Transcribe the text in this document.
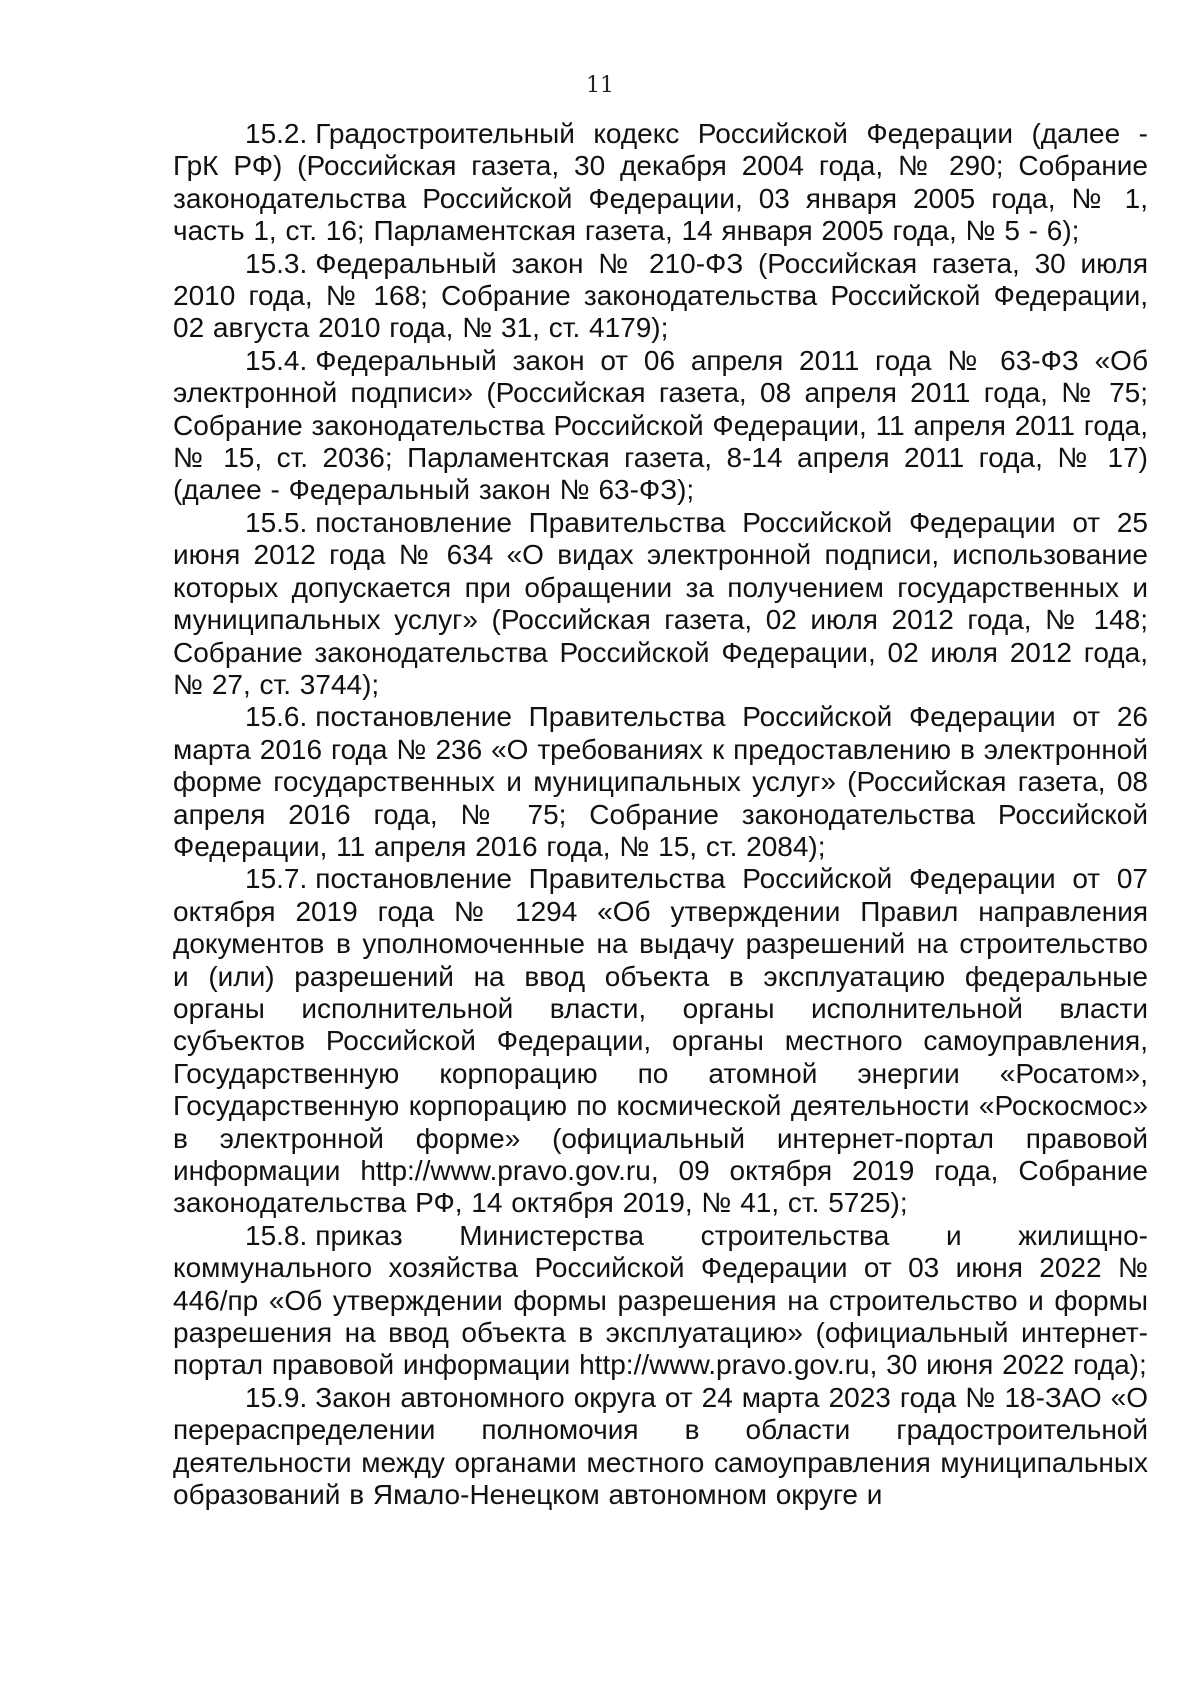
11

15.2. Градостроительный кодекс Российской Федерации (далее - ГрК РФ) (Российская газета, 30 декабря 2004 года, № 290; Собрание законодательства Российской Федерации, 03 января 2005 года, № 1, часть 1, ст. 16; Парламентская газета, 14 января 2005 года, № 5 - 6);

15.3. Федеральный закон № 210-ФЗ (Российская газета, 30 июля 2010 года, № 168; Собрание законодательства Российской Федерации, 02 августа 2010 года, № 31, ст. 4179);

15.4. Федеральный закон от 06 апреля 2011 года № 63-ФЗ «Об электронной подписи» (Российская газета, 08 апреля 2011 года, № 75; Собрание законодательства Российской Федерации, 11 апреля 2011 года, № 15, ст. 2036; Парламентская газета, 8-14 апреля 2011 года, № 17) (далее - Федеральный закон № 63-ФЗ);

15.5. постановление Правительства Российской Федерации от 25 июня 2012 года № 634 «О видах электронной подписи, использование которых допускается при обращении за получением государственных и муниципальных услуг» (Российская газета, 02 июля 2012 года, № 148; Собрание законодательства Российской Федерации, 02 июля 2012 года, № 27, ст. 3744);

15.6. постановление Правительства Российской Федерации от 26 марта 2016 года № 236 «О требованиях к предоставлению в электронной форме государственных и муниципальных услуг» (Российская газета, 08 апреля 2016 года, № 75; Собрание законодательства Российской Федерации, 11 апреля 2016 года, № 15, ст. 2084);

15.7. постановление Правительства Российской Федерации от 07 октября 2019 года № 1294 «Об утверждении Правил направления документов в уполномоченные на выдачу разрешений на строительство и (или) разрешений на ввод объекта в эксплуатацию федеральные органы исполнительной власти, органы исполнительной власти субъектов Российской Федерации, органы местного самоуправления, Государственную корпорацию по атомной энергии «Росатом», Государственную корпорацию по космической деятельности «Роскосмос» в электронной форме» (официальный интернет-портал правовой информации http://www.pravo.gov.ru, 09 октября 2019 года, Собрание законодательства РФ, 14 октября 2019, № 41, ст. 5725);

15.8. приказ Министерства строительства и жилищно-коммунального хозяйства Российской Федерации от 03 июня 2022 № 446/пр «Об утверждении формы разрешения на строительство и формы разрешения на ввод объекта в эксплуатацию» (официальный интернет-портал правовой информации http://www.pravo.gov.ru, 30 июня 2022 года);

15.9. Закон автономного округа от 24 марта 2023 года № 18-ЗАО «О перераспределении полномочия в области градостроительной деятельности между органами местного самоуправления муниципальных образований в Ямало-Ненецком автономном округе и
